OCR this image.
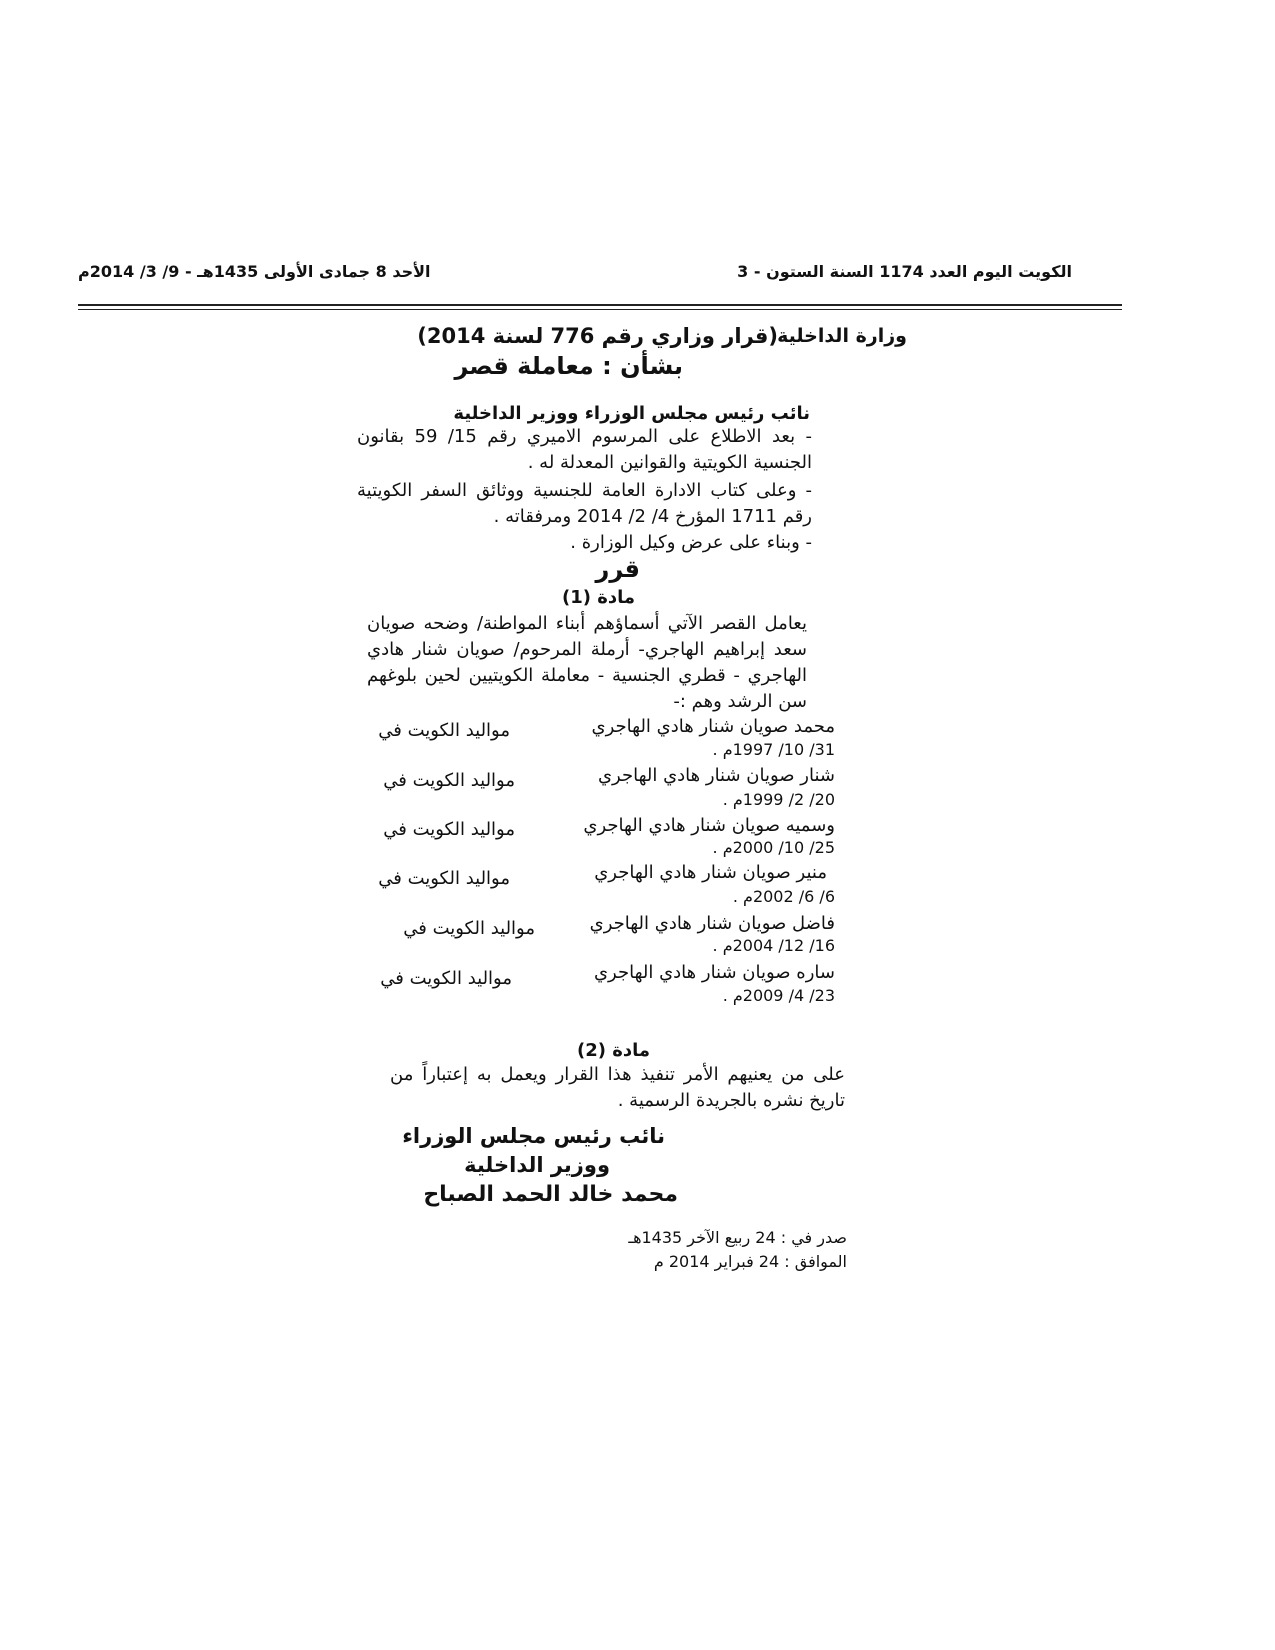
الكويت اليوم العدد 1174 السنة الستون - 3
الأحد 8 جمادى الأولى 1435هـ - 9/ 3/ 2014م
وزارة الداخلية
(قرار وزاري رقم 776 لسنة 2014)
بشأن : معاملة قصر
نائب رئيس مجلس الوزراء ووزير الداخلية
- بعد الاطلاع على المرسوم الاميري رقم 15/ 59 بقانون الجنسية الكويتية والقوانين المعدلة له .
- وعلى كتاب الادارة العامة للجنسية ووثائق السفر الكويتية رقم 1711 المؤرخ 4/ 2/ 2014 ومرفقاته .
- وبناء على عرض وكيل الوزارة .
قرر
مادة (1)
يعامل القصر الآتي أسماؤهم أبناء المواطنة/ وضحه صويان سعد إبراهيم الهاجري- أرملة المرحوم/ صويان شنار هادي الهاجري - قطري الجنسية - معاملة الكويتيين لحين بلوغهم سن الرشد وهم :-
محمد صويان شنار هادي الهاجري
مواليد الكويت في
31/ 10/ 1997م .
شنار صويان شنار هادي الهاجري
مواليد الكويت في
20/ 2/ 1999م .
وسميه صويان شنار هادي الهاجري
مواليد الكويت في
25/ 10/ 2000م .
منير صويان شنار هادي الهاجري
مواليد الكويت في
6/ 6/ 2002م .
فاضل صويان شنار هادي الهاجري
مواليد الكويت في
16/ 12/ 2004م .
ساره صويان شنار هادي الهاجري
مواليد الكويت في
23/ 4/ 2009م .
مادة (2)
على من يعنيهم الأمر تنفيذ هذا القرار ويعمل به إعتباراً من تاريخ نشره بالجريدة الرسمية .
نائب رئيس مجلس الوزراء
ووزير الداخلية
محمد خالد الحمد الصباح
صدر في : 24 ربيع الآخر 1435هـ
الموافق : 24 فبراير 2014 م
